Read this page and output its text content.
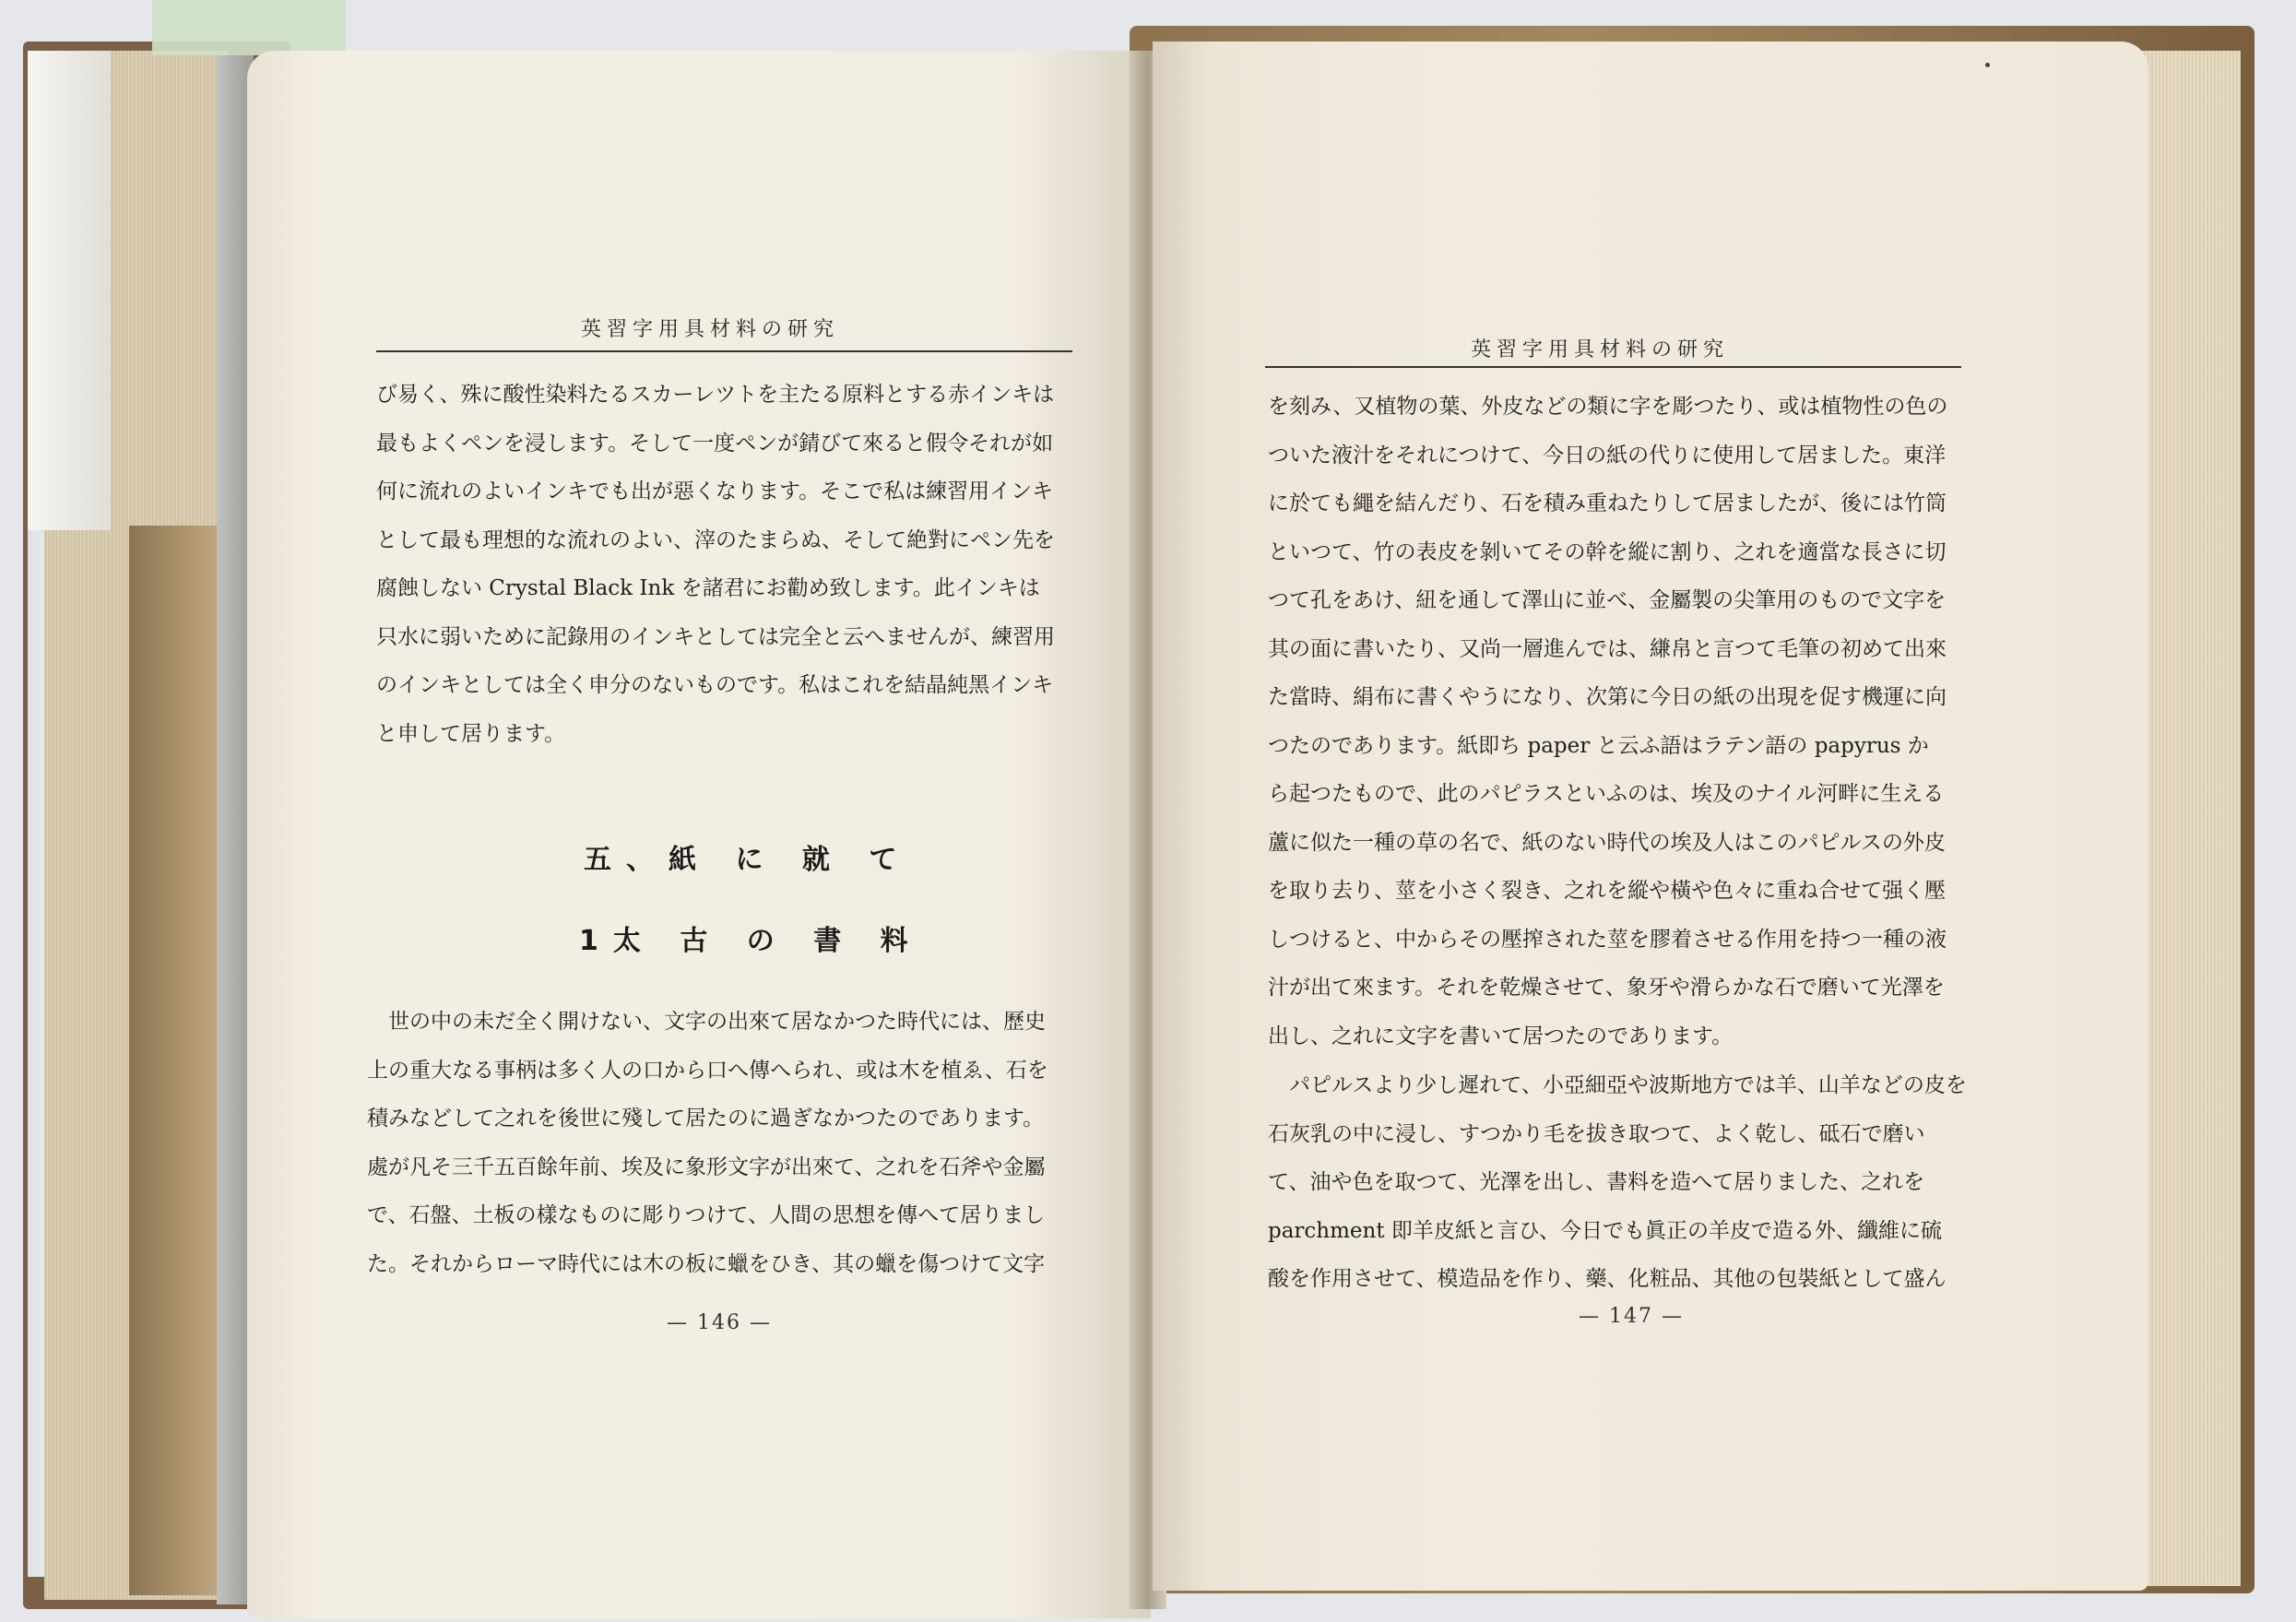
英習字用具材料の研究
び易く、殊に酸性染料たるスカーレツトを主たる原料とする赤インキは
最もよくペンを浸します。そして一度ペンが錆びて來ると假令それが如
何に流れのよいインキでも出が惡くなります。そこで私は練習用インキ
として最も理想的な流れのよい、滓のたまらぬ、そして絶對にペン先を
腐蝕しない Crystal Black Ink を諸君にお勸め致します。此インキは
只水に弱いために記錄用のインキとしては完全と云へませんが、練習用
のインキとしては全く申分のないものです。私はこれを結晶純黑インキ
と申して居ります。
五、紙 に 就 て
1太 古 の 書 料
　世の中の未だ全く開けない、文字の出來て居なかつた時代には、歷史
上の重大なる事柄は多く人の口から口へ傳へられ、或は木を植ゑ、石を
積みなどして之れを後世に殘して居たのに過ぎなかつたのであります。
處が凡そ三千五百餘年前、埃及に象形文字が出來て、之れを石斧や金屬
で、石盤、土板の樣なものに彫りつけて、人間の思想を傳へて居りまし
た。それからローマ時代には木の板に蠟をひき、其の蠟を傷つけて文字
— 146 —
英習字用具材料の研究
を刻み、又植物の葉、外皮などの類に字を彫つたり、或は植物性の色の
ついた液汁をそれにつけて、今日の紙の代りに使用して居ました。東洋
に於ても繩を結んだり、石を積み重ねたりして居ましたが、後には竹筒
といつて、竹の表皮を剝いてその幹を縱に割り、之れを適當な長さに切
つて孔をあけ、紐を通して澤山に並べ、金屬製の尖筆用のもので文字を
其の面に書いたり、又尚一層進んでは、縑帛と言つて毛筆の初めて出來
た當時、絹布に書くやうになり、次第に今日の紙の出現を促す機運に向
つたのであります。紙即ち paper と云ふ語はラテン語の papyrus か
ら起つたもので、此のパピラスといふのは、埃及のナイル河畔に生える
蘆に似た一種の草の名で、紙のない時代の埃及人はこのパピルスの外皮
を取り去り、莖を小さく裂き、之れを縱や橫や色々に重ね合せて强く壓
しつけると、中からその壓搾された莖を膠着させる作用を持つ一種の液
汁が出て來ます。それを乾燥させて、象牙や滑らかな石で磨いて光澤を
出し、之れに文字を書いて居つたのであります。
　パピルスより少し遲れて、小亞細亞や波斯地方では羊、山羊などの皮を
石灰乳の中に浸し、すつかり毛を拔き取つて、よく乾し、砥石で磨い
て、油や色を取つて、光澤を出し、書料を造へて居りました、之れを
parchment 即羊皮紙と言ひ、今日でも眞正の羊皮で造る外、纖維に硫
酸を作用させて、模造品を作り、藥、化粧品、其他の包裝紙として盛ん
— 147 —
